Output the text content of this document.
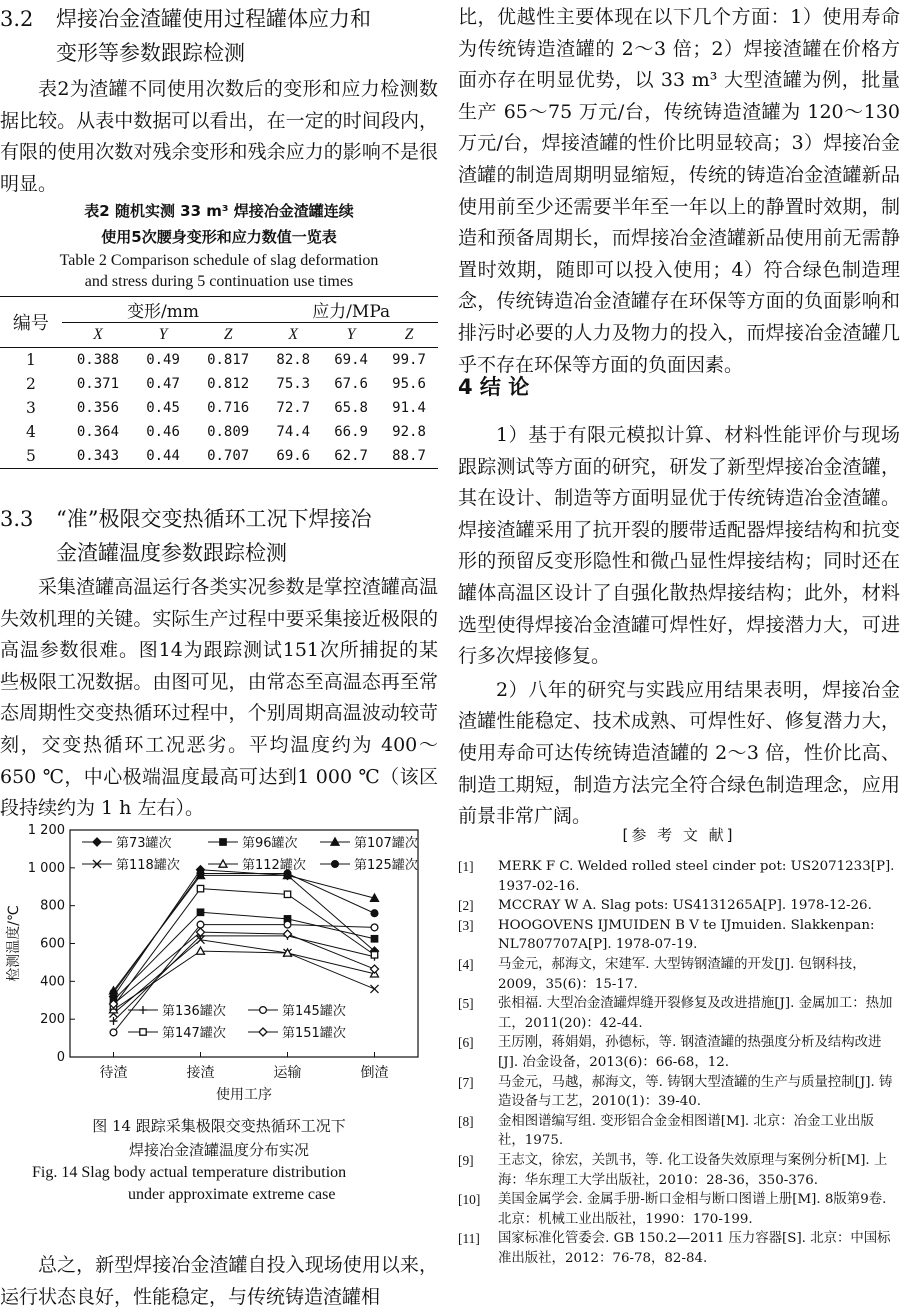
3.2 焊接冶金渣罐使用过程罐体应力和
变形等参数跟踪检测

表2为渣罐不同使用次数后的变形和应力检测数据比较。从表中数据可以看出，在一定的时间段内，有限的使用次数对残余变形和残余应力的影响不是很明显。

表2 随机实测 33 m³ 焊接冶金渣罐连续
使用5次腰身变形和应力数值一览表
Table 2 Comparison schedule of slag deformation
and stress during 5 continuation use times
编号	变形/mm			应力/MPa		
	X	Y	Z	X	Y	Z
1	0.388	0.49	0.817	82.8	69.4	99.7
2	0.371	0.47	0.812	75.3	67.6	95.6
3	0.356	0.45	0.716	72.7	65.8	91.4
4	0.364	0.46	0.809	74.4	66.9	92.8
5	0.343	0.44	0.707	69.6	62.7	88.7
3.3 “准”极限交变热循环工况下焊接冶
金渣罐温度参数跟踪检测

采集渣罐高温运行各类实况参数是掌控渣罐高温失效机理的关键。实际生产过程中要采集接近极限的高温参数很难。图14为跟踪测试151次所捕捉的某些极限工况数据。由图可见，由常态至高温态再至常态周期性交变热循环过程中，个别周期高温波动较苛刻，交变热循环工况恶劣。平均温度约为 400～650 ℃，中心极端温度最高可达到1 000 ℃（该区段持续约为 1 h 左右）。

0
200
400
600
800
1 000
1 200
待渣	接渣	运输	倒渣
使用工序
检测温度/℃
第73罐次	第96罐次	第107罐次
第118罐次	第112罐次	第125罐次
第136罐次	第145罐次
第147罐次	第151罐次
图 14 跟踪采集极限交变热循环工况下
焊接冶金渣罐温度分布实况
Fig. 14 Slag body actual temperature distribution
under approximate extreme case

总之，新型焊接冶金渣罐自投入现场使用以来，运行状态良好，性能稳定，与传统铸造渣罐相

比，优越性主要体现在以下几个方面：1）使用寿命为传统铸造渣罐的 2～3 倍；2）焊接渣罐在价格方面亦存在明显优势，以 33 m³ 大型渣罐为例，批量生产 65～75 万元/台，传统铸造渣罐为 120～130 万元/台，焊接渣罐的性价比明显较高；3）焊接冶金渣罐的制造周期明显缩短，传统的铸造冶金渣罐新品使用前至少还需要半年至一年以上的静置时效期，制造和预备周期长，而焊接冶金渣罐新品使用前无需静置时效期，随即可以投入使用；4）符合绿色制造理念，传统铸造冶金渣罐存在环保等方面的负面影响和排污时必要的人力及物力的投入，而焊接冶金渣罐几乎不存在环保等方面的负面因素。

4 结 论

1）基于有限元模拟计算、材料性能评价与现场跟踪测试等方面的研究，研发了新型焊接冶金渣罐，其在设计、制造等方面明显优于传统铸造冶金渣罐。焊接渣罐采用了抗开裂的腰带适配器焊接结构和抗变形的预留反变形隐性和微凸显性焊接结构；同时还在罐体高温区设计了自强化散热焊接结构；此外，材料选型使得焊接冶金渣罐可焊性好，焊接潜力大，可进行多次焊接修复。

2）八年的研究与实践应用结果表明，焊接冶金渣罐性能稳定、技术成熟、可焊性好、修复潜力大，使用寿命可达传统铸造渣罐的 2～3 倍，性价比高、制造工期短，制造方法完全符合绿色制造理念，应用前景非常广阔。

[参 考 文 献]
[1]	MERK F C. Welded rolled steel cinder pot: US2071233[P]. 1937-02-16.
[2]	MCCRAY W A. Slag pots: US4131265A[P]. 1978-12-26.
[3]	HOOGOVENS IJMUIDEN B V te IJmuiden. Slakkenpan: NL7807707A[P]. 1978-07-19.
[4]	马金元，郝海文，宋建军. 大型铸钢渣罐的开发[J]. 包钢科技，2009，35(6)：15-17.
[5]	张相福. 大型冶金渣罐焊缝开裂修复及改进措施[J]. 金属加工：热加工，2011(20)：42-44.
[6]	王厉刚，蒋娟娟，孙德标，等. 钢渣渣罐的热强度分析及结构改进[J]. 冶金设备，2013(6)：66-68，12.
[7]	马金元，马越，郝海文，等. 铸钢大型渣罐的生产与质量控制[J]. 铸造设备与工艺，2010(1)：39-40.
[8]	金相图谱编写组. 变形铝合金金相图谱[M]. 北京：冶金工业出版社，1975.
[9]	王志文，徐宏，关凯书，等. 化工设备失效原理与案例分析[M]. 上海：华东理工大学出版社，2010：28-36，350-376.
[10]	美国金属学会. 金属手册-断口金相与断口图谱上册[M]. 8版第9卷. 北京：机械工业出版社，1990：170-199.
[11]	国家标准化管委会. GB 150.2—2011 压力容器[S]. 北京：中国标准出版社，2012：76-78，82-84.
